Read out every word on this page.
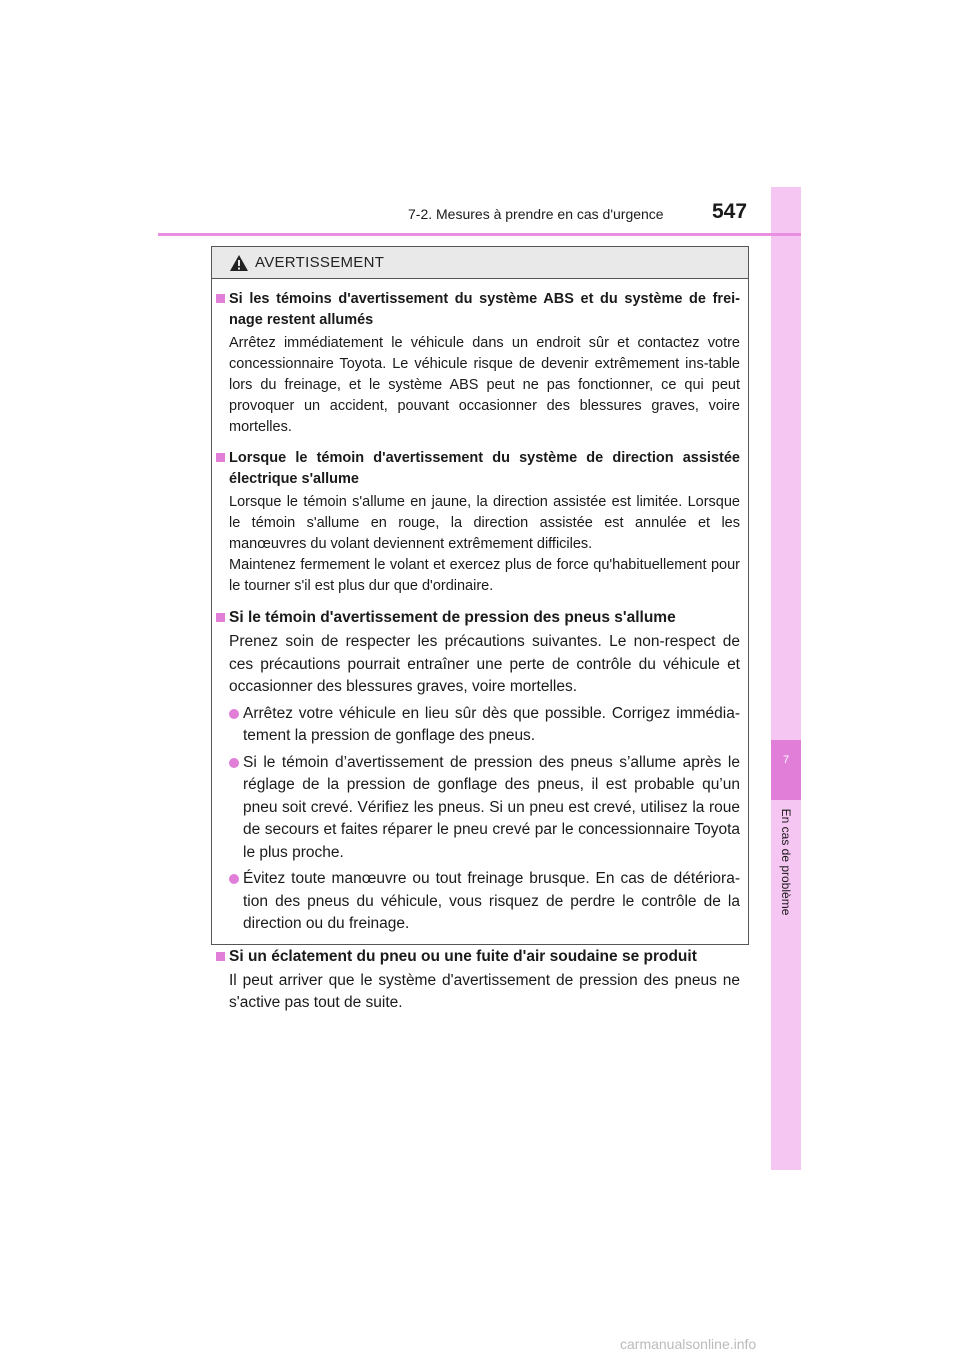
7
En cas de problème
7-2. Mesures à prendre en cas d'urgence 547
AVERTISSEMENT

Si les témoins d'avertissement du système ABS et du système de frei-nage restent allumés

Arrêtez immédiatement le véhicule dans un endroit sûr et contactez votre concessionnaire Toyota. Le véhicule risque de devenir extrêmement ins-table lors du freinage, et le système ABS peut ne pas fonctionner, ce qui peut provoquer un accident, pouvant occasionner des blessures graves, voire mortelles.

Lorsque le témoin d'avertissement du système de direction assistée électrique s'allume

Lorsque le témoin s'allume en jaune, la direction assistée est limitée. Lorsque le témoin s'allume en rouge, la direction assistée est annulée et les manœuvres du volant deviennent extrêmement difficiles.

Maintenez fermement le volant et exercez plus de force qu'habituellement pour le tourner s'il est plus dur que d'ordinaire.

Si le témoin d'avertissement de pression des pneus s'allume

Prenez soin de respecter les précautions suivantes. Le non-respect de ces précautions pourrait entraîner une perte de contrôle du véhicule et occasionner des blessures graves, voire mortelles.

Arrêtez votre véhicule en lieu sûr dès que possible. Corrigez immédia-tement la pression de gonflage des pneus.

Si le témoin d’avertissement de pression des pneus s’allume après le réglage de la pression de gonflage des pneus, il est probable qu’un pneu soit crevé. Vérifiez les pneus. Si un pneu est crevé, utilisez la roue de secours et faites réparer le pneu crevé par le concessionnaire Toyota le plus proche.

Évitez toute manœuvre ou tout freinage brusque. En cas de détériora-tion des pneus du véhicule, vous risquez de perdre le contrôle de la direction ou du freinage.

Si un éclatement du pneu ou une fuite d'air soudaine se produit

Il peut arriver que le système d'avertissement de pression des pneus ne s'active pas tout de suite.

carmanualsonline.info
